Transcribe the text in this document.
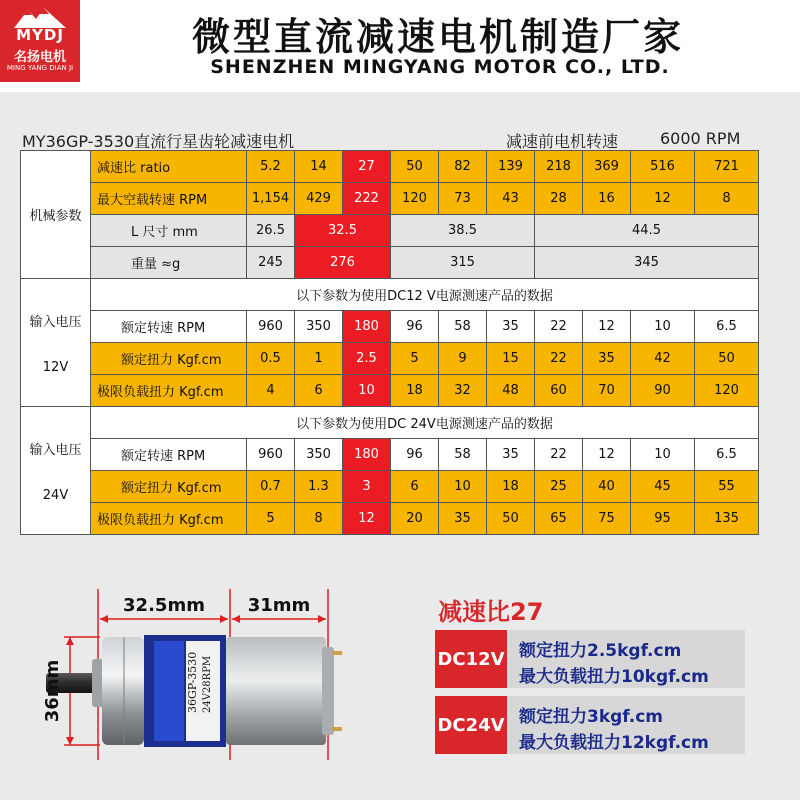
MYDJ
名扬电机
MING YANG DIAN JI
微型直流减速电机制造厂家
SHENZHEN MINGYANG MOTOR CO., LTD.
MY36GP-3530直流行星齿轮减速电机	减速前电机转速	6000 RPM
机械参数	减速比 ratio	5.2	14	27	50	82	139	218	369	516	721
	最大空载转速 RPM	1,154	429	222	120	73	43	28	16	12	8
	L 尺寸 mm	26.5	32.5		38.5			44.5			
	重量 ≈g	245	276		315			345			

输入电压
12V	以下参数为使用DC12 V电源测速产品的数据										
	额定转速 RPM	960	350	180	96	58	35	22	12	10	6.5
	额定扭力 Kgf.cm	0.5	1	2.5	5	9	15	22	35	42	50
	极限负载扭力 Kgf.cm	4	6	10	18	32	48	60	70	90	120

输入电压
24V	以下参数为使用DC 24V电源测速产品的数据										
	额定转速 RPM	960	350	180	96	58	35	22	12	10	6.5
	额定扭力 Kgf.cm	0.7	1.3	3	6	10	18	25	40	45	55
	极限负载扭力 Kgf.cm	5	8	12	20	35	50	65	75	95	135
36GP-3530 24V28RPM
32.5mm 31mm
36mm
减速比27
DC12V 额定扭力2.5kgf.cm
最大负载扭力10kgf.cm
DC24V 额定扭力3kgf.cm
最大负载扭力12kgf.cm
